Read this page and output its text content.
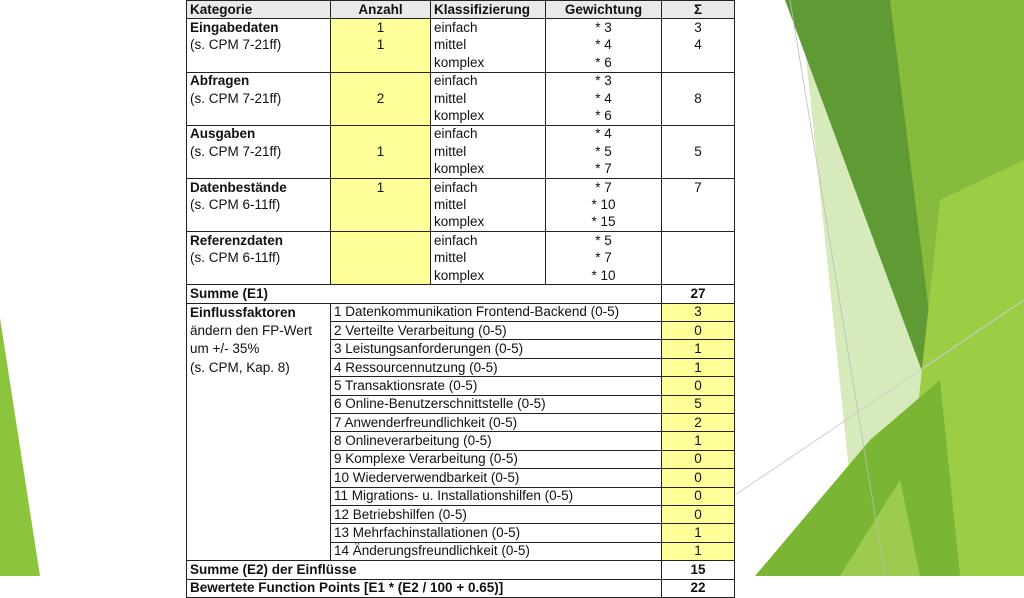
Kategorie	Anzahl	Klassifizierung	Gewichtung	Σ
Eingabedaten	1	einfach	* 3	3
(s. CPM 7-21ff)	1	mittel	* 4	4
		komplex	* 6	
Abfragen		einfach	* 3	
(s. CPM 7-21ff)	2	mittel	* 4	8
		komplex	* 6	
Ausgaben		einfach	* 4	
(s. CPM 7-21ff)	1	mittel	* 5	5
		komplex	* 7	
Datenbestände	1	einfach	* 7	7
(s. CPM 6-11ff)		mittel	* 10	
		komplex	* 15	
Referenzdaten		einfach	* 5	
(s. CPM 6-11ff)		mittel	* 7	
		komplex	* 10	
Summe (E1)				27
Einflussfaktoren	1 Datenkommunikation Frontend-Backend (0-5)			3
ändern den FP-Wert	2 Verteilte Verarbeitung (0-5)			0
um +/- 35%	3 Leistungsanforderungen (0-5)			1
(s. CPM, Kap. 8)	4 Ressourcennutzung (0-5)			1
	5 Transaktionsrate (0-5)			0
	6 Online-Benutzerschnittstelle (0-5)			5
	7 Anwenderfreundlichkeit (0-5)			2
	8 Onlineverarbeitung (0-5)			1
	9 Komplexe Verarbeitung (0-5)			0
	10 Wiederverwendbarkeit (0-5)			0
	11 Migrations- u. Installationshilfen (0-5)			0
	12 Betriebshilfen (0-5)			0
	13 Mehrfachinstallationen (0-5)			1
	14 Änderungsfreundlichkeit (0-5)			1
Summe (E2) der Einflüsse				15
Bewertete Function Points [E1 * (E2 / 100 + 0.65)]				22
